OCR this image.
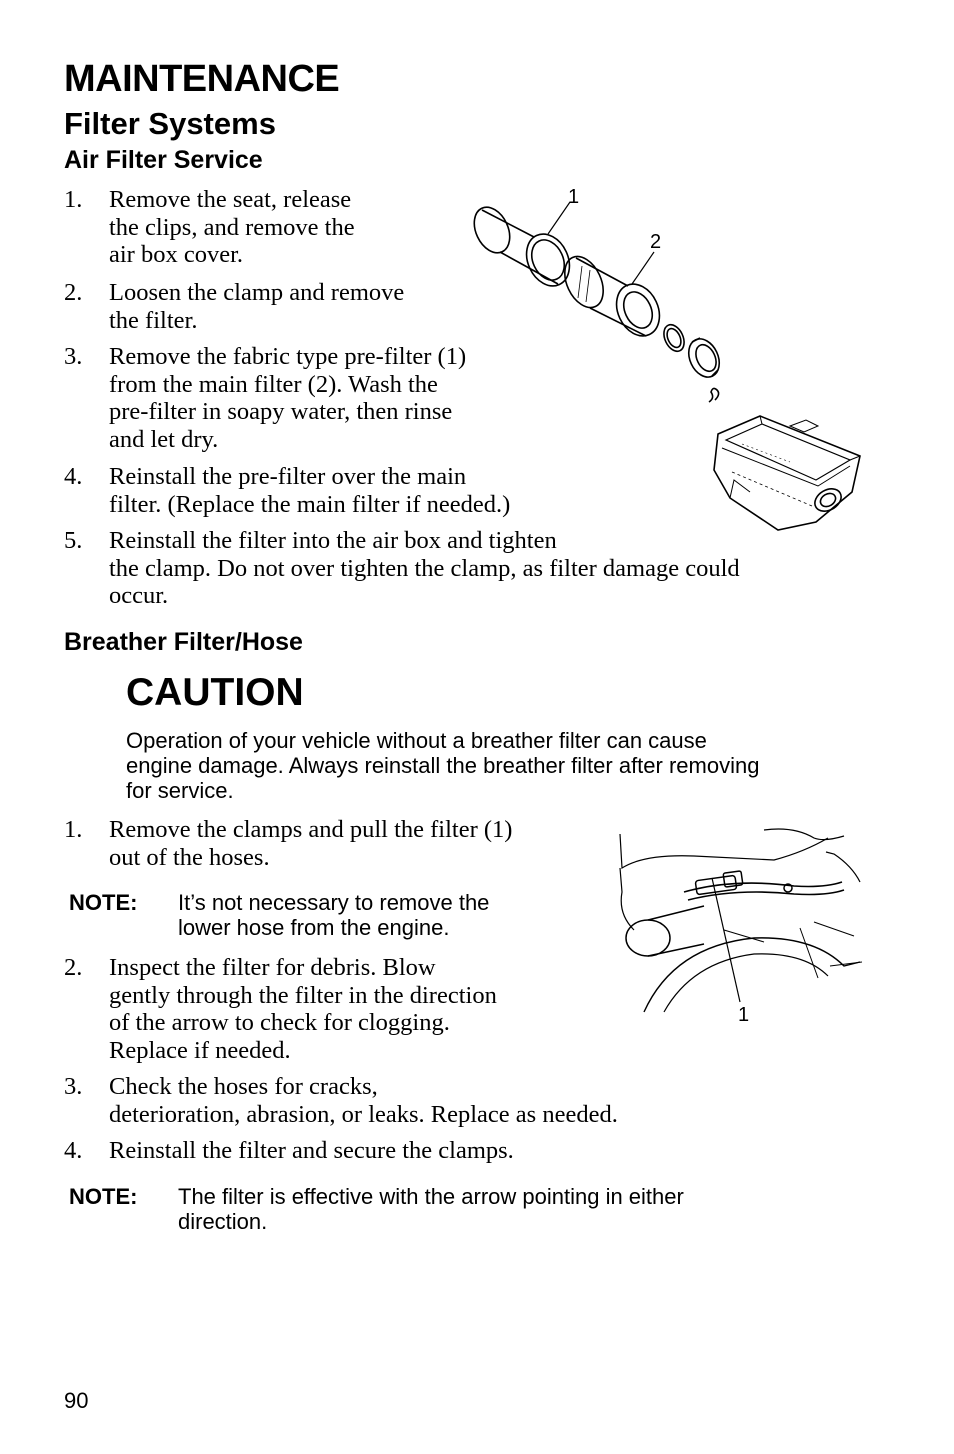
MAINTENANCE
Filter Systems
Air Filter Service
1.	Remove the seat, release
the clips, and remove the
air box cover.
2.	Loosen the clamp and remove
the filter.
3.	Remove the fabric type pre-filter (1)
from the main filter (2). Wash the
pre-filter in soapy water, then rinse
and let dry.
4.	Reinstall the pre-filter over the main
filter. (Replace the main filter if needed.)
5.	Reinstall the filter into the air box and tighten
the clamp. Do not over tighten the clamp, as filter damage could
occur.
1
2
Breather Filter/Hose
CAUTION
Operation of your vehicle without a breather filter can cause
engine damage. Always reinstall the breather filter after removing
for service.
1.	Remove the clamps and pull the filter (1)
out of the hoses.
NOTE: It’s not necessary to remove the
lower hose from the engine.
2.	Inspect the filter for debris. Blow
gently through the filter in the direction
of the arrow to check for clogging.
Replace if needed.
3.	Check the hoses for cracks,
deterioration, abrasion, or leaks. Replace as needed.
4.	Reinstall the filter and secure the clamps.
NOTE: The filter is effective with the arrow pointing in either
direction.
1
90
